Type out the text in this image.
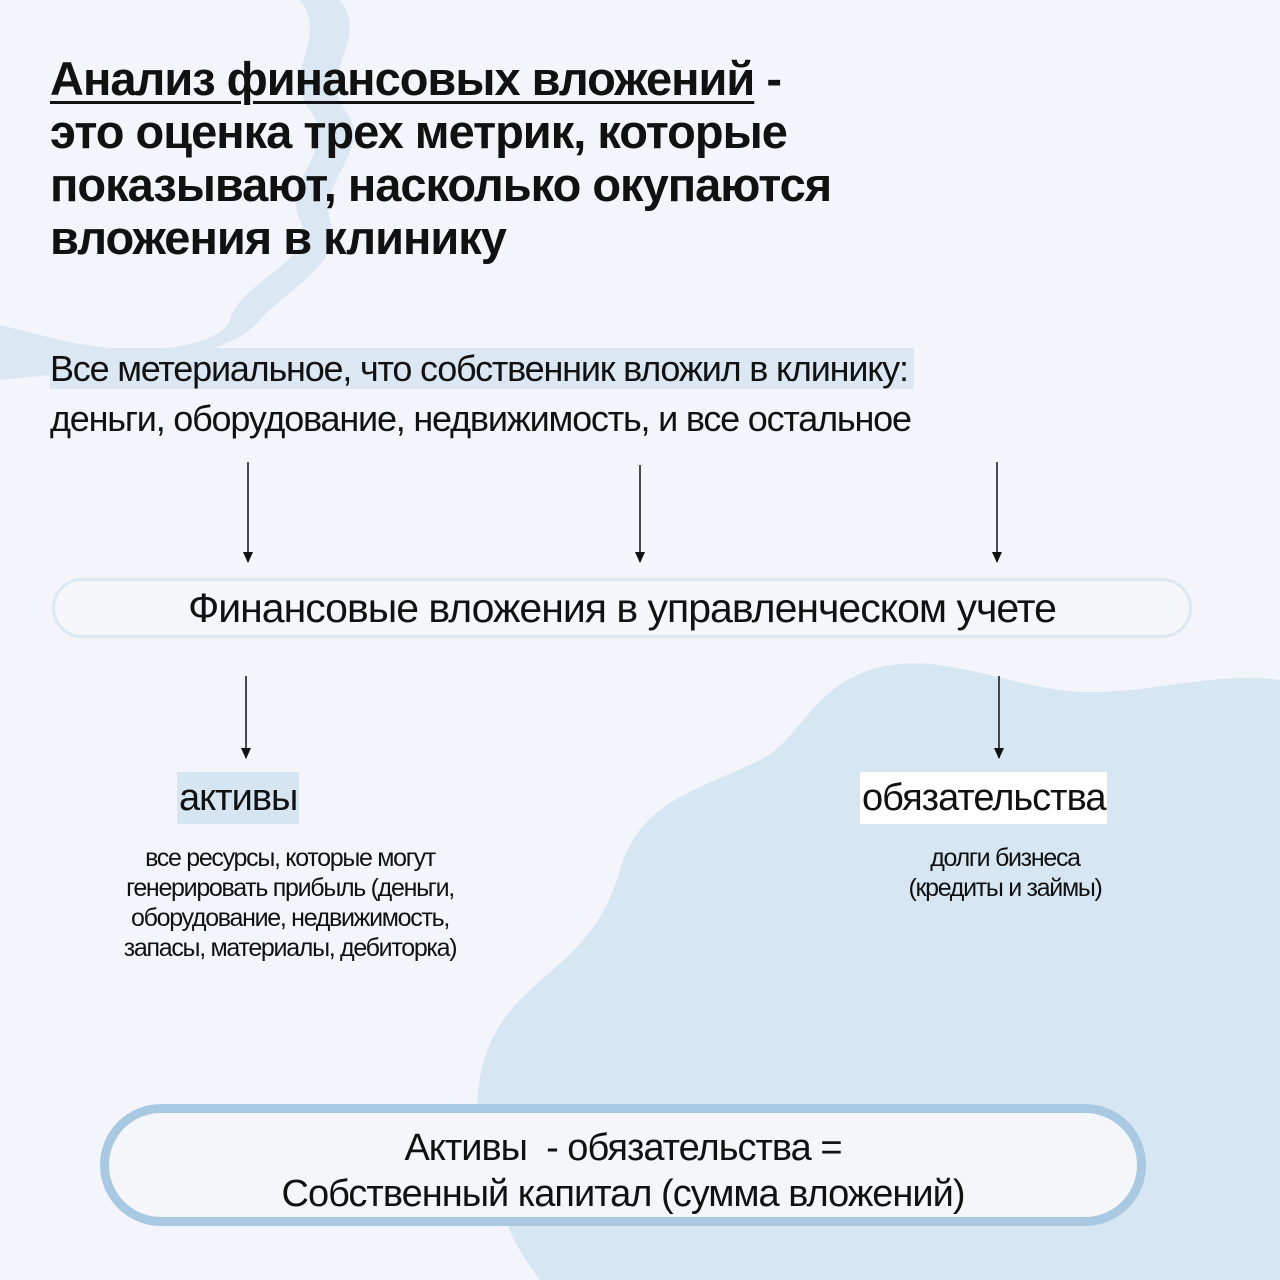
Анализ финансовых вложений -
это оценка трех метрик, которые
показывают, насколько окупаются
вложения в клинику
Все метериальное, что собственник вложил в клинику:
деньги, оборудование, недвижимость, и все остальное
Финансовые вложения в управленческом учете
активы	обязательства
все ресурсы, которые могут
генерировать прибыль (деньги,
оборудование, недвижимость,
запасы, материалы, дебиторка)
долги бизнеса
(кредиты и займы)
Активы  - обязательства =
Собственный капитал (сумма вложений)
